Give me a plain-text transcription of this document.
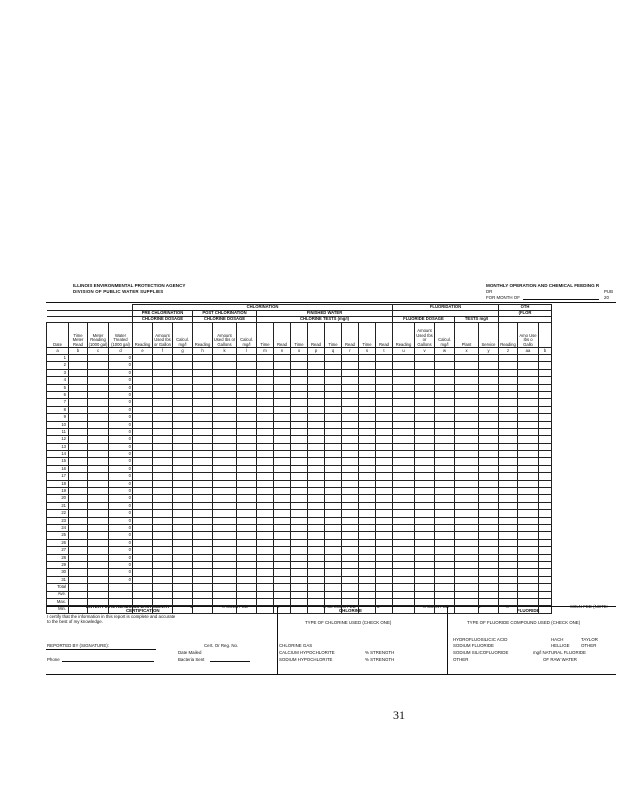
ILLINOIS ENVIRONMENTAL PROTECTION AGENCY
DIVISION OF PUBLIC WATER SUPPLIES
MONTHLY OPERATION AND CHEMICAL FEEDING R
DR
FOR MONTH OF	20
PUB
				CHLORINATION														FLUORIDATION					OTH		
				PRE CHLORINATION			POST CHLORINATION			FINISHED WATER													(FLOR		
				CHLORINE DOSAGE			CHLORINE DOSAGE			CHLORINE TESTS (mg/l)								FLUORIDE DOSAGE			TESTS mg/l				
Date	Time Meter Read	Meter Reading (1000 gal)	Water Treated (1000 gal)	Reading	Amount Used Ibs or Gallon	Calcul. mg/l	Reading	Amount Used Ibs or Gallons	Calcul. mg/l	Time	Read	Time	Read	Time	Read	Time	Read	Reading	Amount Used Ibs or Gallons	Calcul. mg/l	Plant	Service	Reading	Amo Use Ibs o Gallo	
a	b	c	d	e	f	g	h	k	l	m	n	o	p	q	r	s	t	u	v	w	x	y	z	aa	b
1			0																						
2			0																						
3			0																						
4			0																						
5			0																						
6			0																						
7			0																						
8			0																						
9			0																						
10			0																						
11			0																						
12			0																						
13			0																						
14			0																						
15			0																						
16			0																						
17			0																						
18			0																						
19			0																						
20			0																						
21			0																						
22			0																						
23			0																						
24			0																						
25			0																						
26			0																						
27			0																						
28			0																						
29			0																						
30			0																						
31			0																						
Total																									
Ave.																									
Max.																									
Min.																										ENTER FINAL READINGS LAST MONTH	1	% SOLN FED	2	% CL SOLN FED	3	% SOLN FED	4	%	SOLN FED (NOTE:
CERTIFICATION
I certify that the information in this report is complete and accurate
to the best of my knowledge.
REPORTED BY (SIGNATURE):
Phone
Cert. Or Reg. No.
Date Mailed
Bacteria Sent
CHLORINE
TYPE OF CHLORINE USED (CHECK ONE)
CHLORINE GAS
CALCIUM HYPOCHLORITE
SODIUM HYPOCHLORITE
% STRENGTH
% STRENGTH
FLUORIDE
TYPE OF FLUORIDE COMPOUND USED (CHECK ONE)
HYDROFLUOSILICIC ACID
SODIUM FLUORIDE
SODIUM SILICOFLUORIDE
OTHER
HACH
HELLIGE
TAYLOR
OTHER
mg/l NATURAL FLUORIDE
OF RAW WATER
31
